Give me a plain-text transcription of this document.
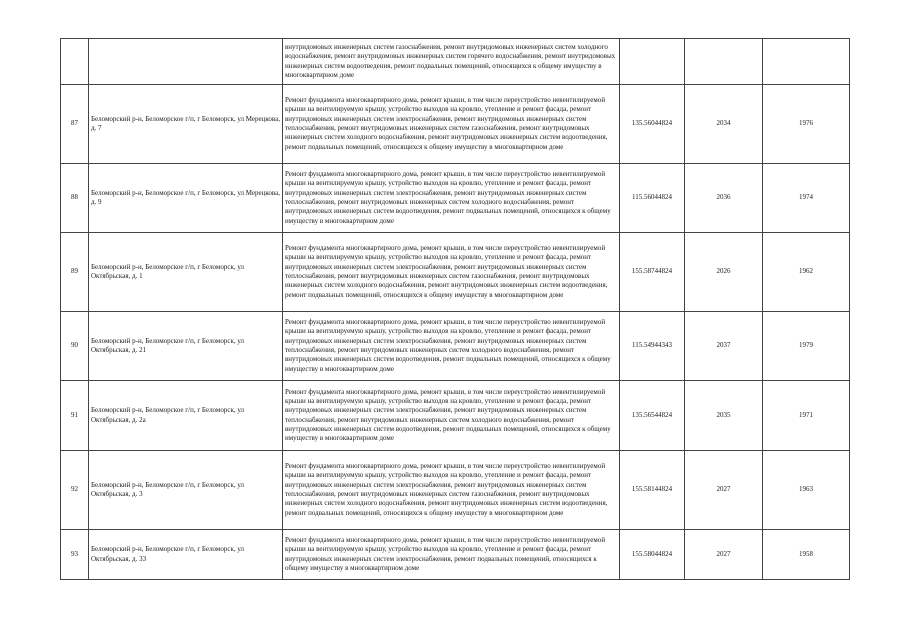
		внутридомовых инженерных систем газоснабжения, ремонт внутридомовых инженерных систем холодного водоснабжения, ремонт внутридомовых инженерных систем горячего водоснабжения, ремонт внутридомовых инженерных систем водоотведения, ремонт подвальных помещений, относящихся к общему имуществу в многоквартирном доме			
87	Беломорский р-н, Беломорское г/п, г Беломорск, ул Мерецкова, д. 7	Ремонт фундамента многоквартирного дома, ремонт крыши, в том числе переустройство невентилируемой крыши на вентилируемую крышу, устройство выходов на кровлю, утепление и ремонт фасада, ремонт внутридомовых инженерных систем электроснабжения, ремонт внутридомовых инженерных систем теплоснабжения, ремонт внутридомовых инженерных систем газоснабжения, ремонт внутридомовых инженерных систем холодного водоснабжения, ремонт внутридомовых инженерных систем водоотведения, ремонт подвальных помещений, относящихся к общему имуществу в многоквартирном доме	135.56044824	2034	1976
88	Беломорский р-н, Беломорское г/п, г Беломорск, ул Мерецкова, д. 9	Ремонт фундамента многоквартирного дома, ремонт крыши, в том числе переустройство невентилируемой крыши на вентилируемую крышу, устройство выходов на кровлю, утепление и ремонт фасада, ремонт внутридомовых инженерных систем электроснабжения, ремонт внутридомовых инженерных систем теплоснабжения, ремонт внутридомовых инженерных систем холодного водоснабжения, ремонт внутридомовых инженерных систем водоотведения, ремонт подвальных помещений, относящихся к общему имуществу в многоквартирном доме	115.56044824	2036	1974
89	Беломорский р-н, Беломорское г/п, г Беломорск, ул Октябрьская, д. 1	Ремонт фундамента многоквартирного дома, ремонт крыши, в том числе переустройство невентилируемой крыши на вентилируемую крышу, устройство выходов на кровлю, утепление и ремонт фасада, ремонт внутридомовых инженерных систем электроснабжения, ремонт внутридомовых инженерных систем теплоснабжения, ремонт внутридомовых инженерных систем газоснабжения, ремонт внутридомовых инженерных систем холодного водоснабжения, ремонт внутридомовых инженерных систем водоотведения, ремонт подвальных помещений, относящихся к общему имуществу в многоквартирном доме	155.58744824	2026	1962
90	Беломорский р-н, Беломорское г/п, г Беломорск, ул Октябрьская, д. 21	Ремонт фундамента многоквартирного дома, ремонт крыши, в том числе переустройство невентилируемой крыши на вентилируемую крышу, устройство выходов на кровлю, утепление и ремонт фасада, ремонт внутридомовых инженерных систем электроснабжения, ремонт внутридомовых инженерных систем теплоснабжения, ремонт внутридомовых инженерных систем холодного водоснабжения, ремонт внутридомовых инженерных систем водоотведения, ремонт подвальных помещений, относящихся к общему имуществу в многоквартирном доме	115.54944343	2037	1979
91	Беломорский р-н, Беломорское г/п, г Беломорск, ул Октябрьская, д. 2а	Ремонт фундамента многоквартирного дома, ремонт крыши, в том числе переустройство невентилируемой крыши на вентилируемую крышу, устройство выходов на кровлю, утепление и ремонт фасада, ремонт внутридомовых инженерных систем электроснабжения, ремонт внутридомовых инженерных систем теплоснабжения, ремонт внутридомовых инженерных систем холодного водоснабжения, ремонт внутридомовых инженерных систем водоотведения, ремонт подвальных помещений, относящихся к общему имуществу в многоквартирном доме	135.56544824	2035	1971
92	Беломорский р-н, Беломорское г/п, г Беломорск, ул Октябрьская, д. 3	Ремонт фундамента многоквартирного дома, ремонт крыши, в том числе переустройство невентилируемой крыши на вентилируемую крышу, устройство выходов на кровлю, утепление и ремонт фасада, ремонт внутридомовых инженерных систем электроснабжения, ремонт внутридомовых инженерных систем теплоснабжения, ремонт внутридомовых инженерных систем газоснабжения, ремонт внутридомовых инженерных систем холодного водоснабжения, ремонт внутридомовых инженерных систем водоотведения, ремонт подвальных помещений, относящихся к общему имуществу в многоквартирном доме	155.58144824	2027	1963
93	Беломорский р-н, Беломорское г/п, г Беломорск, ул Октябрьская, д. 33	Ремонт фундамента многоквартирного дома, ремонт крыши, в том числе переустройство невентилируемой крыши на вентилируемую крышу, устройство выходов на кровлю, утепление и ремонт фасада, ремонт внутридомовых инженерных систем электроснабжения, ремонт подвальных помещений, относящихся к общему имуществу в многоквартирном доме	155.58044824	2027	1958
